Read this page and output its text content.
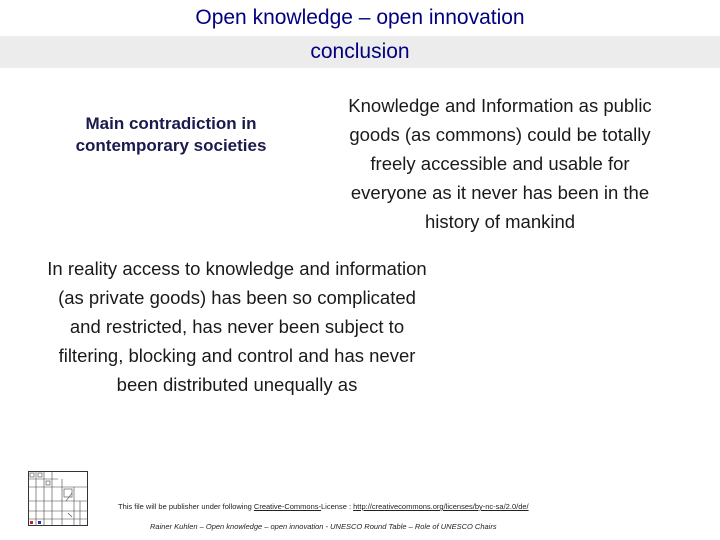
Open knowledge – open innovation
conclusion
Main contradiction in
contemporary societies
Knowledge and Information as public
goods (as commons) could be totally
freely accessible and usable for
everyone as it never has been in the
history of mankind
In reality access to knowledge and information
(as private goods) has been so complicated
and restricted, has never been subject to
filtering, blocking and control and has never
been distributed unequally as
This file will be publisher under following Creative-Commons-License : http://creativecommons.org/licenses/by-nc-sa/2.0/de/
Rainer Kuhlen – Open knowledge – open innovation - UNESCO Round Table – Role of UNESCO Chairs
